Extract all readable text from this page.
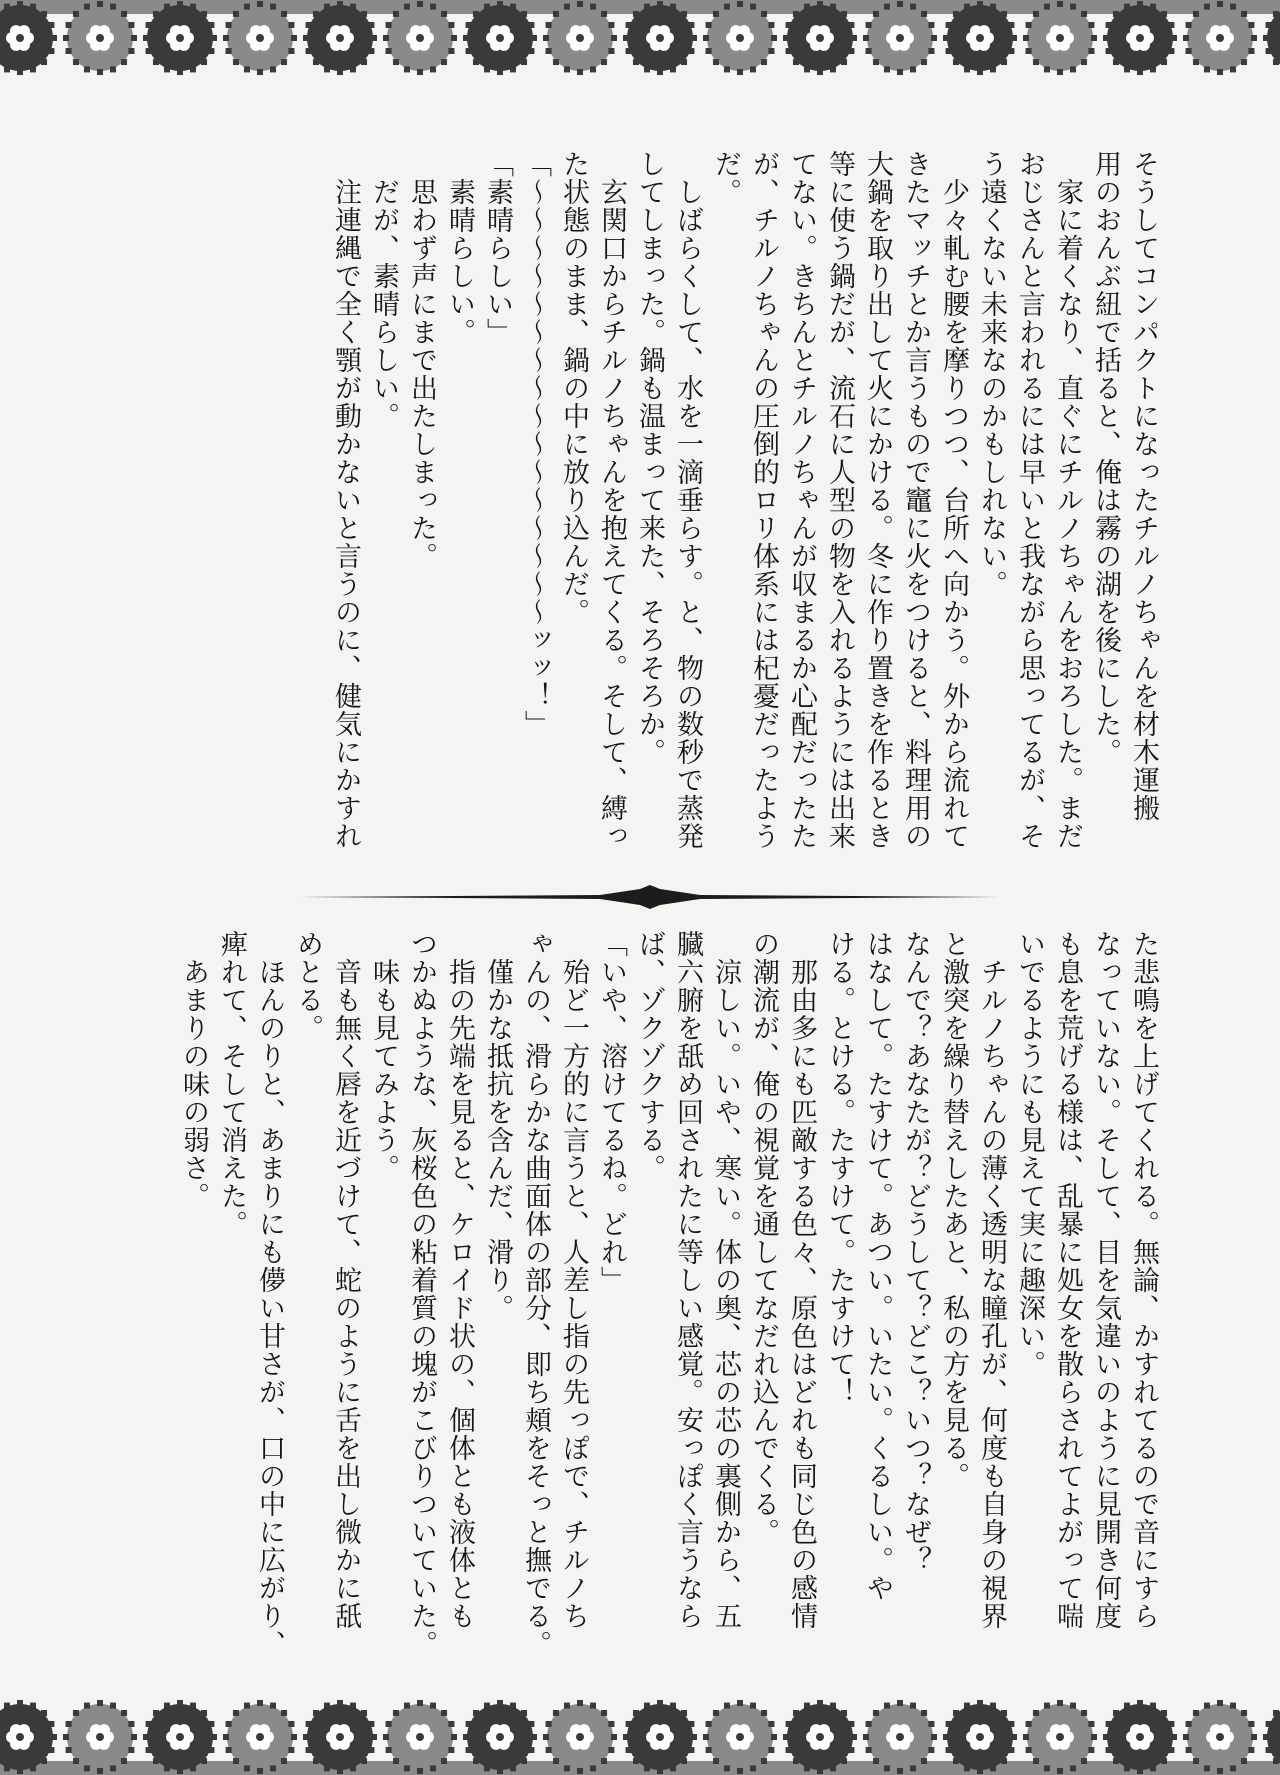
そうしてコンパクトになったチルノちゃんを材木運搬

用のおんぶ紐で括ると、俺は霧の湖を後にした。

　家に着くなり、直ぐにチルノちゃんをおろした。まだ

おじさんと言われるには早いと我ながら思ってるが、そ

う遠くない未来なのかもしれない。

　少々軋む腰を摩りつつ、台所へ向かう。外から流れて

きたマッチとか言うもので竈に火をつけると、料理用の

大鍋を取り出して火にかける。冬に作り置きを作るとき

等に使う鍋だが、流石に人型の物を入れるようには出来

てない。きちんとチルノちゃんが収まるか心配だったた

が、チルノちゃんの圧倒的ロリ体系には杞憂だったよう

だ。

　しばらくして、水を一滴垂らす。と、物の数秒で蒸発

してしまった。鍋も温まって来た、そろそろか。

　玄関口からチルノちゃんを抱えてくる。そして、縛っ

た状態のまま、鍋の中に放り込んだ。

「〜〜〜〜〜〜〜〜〜〜〜〜〜〜〜〜ッッ！」

「素晴らしい」

　素晴らしい。

　思わず声にまで出たしまった。

　だが、素晴らしい。

　注連縄で全く顎が動かないと言うのに、健気にかすれ

た悲鳴を上げてくれる。無論、かすれてるので音にすら

なっていない。そして、目を気違いのように見開き何度

も息を荒げる様は、乱暴に処女を散らされてよがって喘

いでるようにも見えて実に趣深い。

　チルノちゃんの薄く透明な瞳孔が、何度も自身の視界

と激突を繰り替えしたあと、私の方を見る。

なんで？あなたが？どうして？どこ？いつ？なぜ？

はなして。たすけて。あつい。いたい。くるしい。や

ける。とける。たすけて。たすけて！

　那由多にも匹敵する色々、原色はどれも同じ色の感情

の潮流が、俺の視覚を通してなだれ込んでくる。

　涼しい。いや、寒い。体の奥、芯の芯の裏側から、五

臓六腑を舐め回されたに等しい感覚。安っぽく言うなら

ば、ゾクゾクする。

「いや、溶けてるね。どれ」

　殆ど一方的に言うと、人差し指の先っぽで、チルノち

ゃんの、滑らかな曲面体の部分、即ち頬をそっと撫でる。

　僅かな抵抗を含んだ、滑り。

　指の先端を見ると、ケロイド状の、個体とも液体とも

つかぬような、灰桜色の粘着質の塊がこびりついていた。

　味も見てみよう。

　音も無く唇を近づけて、蛇のように舌を出し微かに舐

めとる。

　ほんのりと、あまりにも儚い甘さが、口の中に広がり、

痺れて、そして消えた。

　あまりの味の弱さ。
